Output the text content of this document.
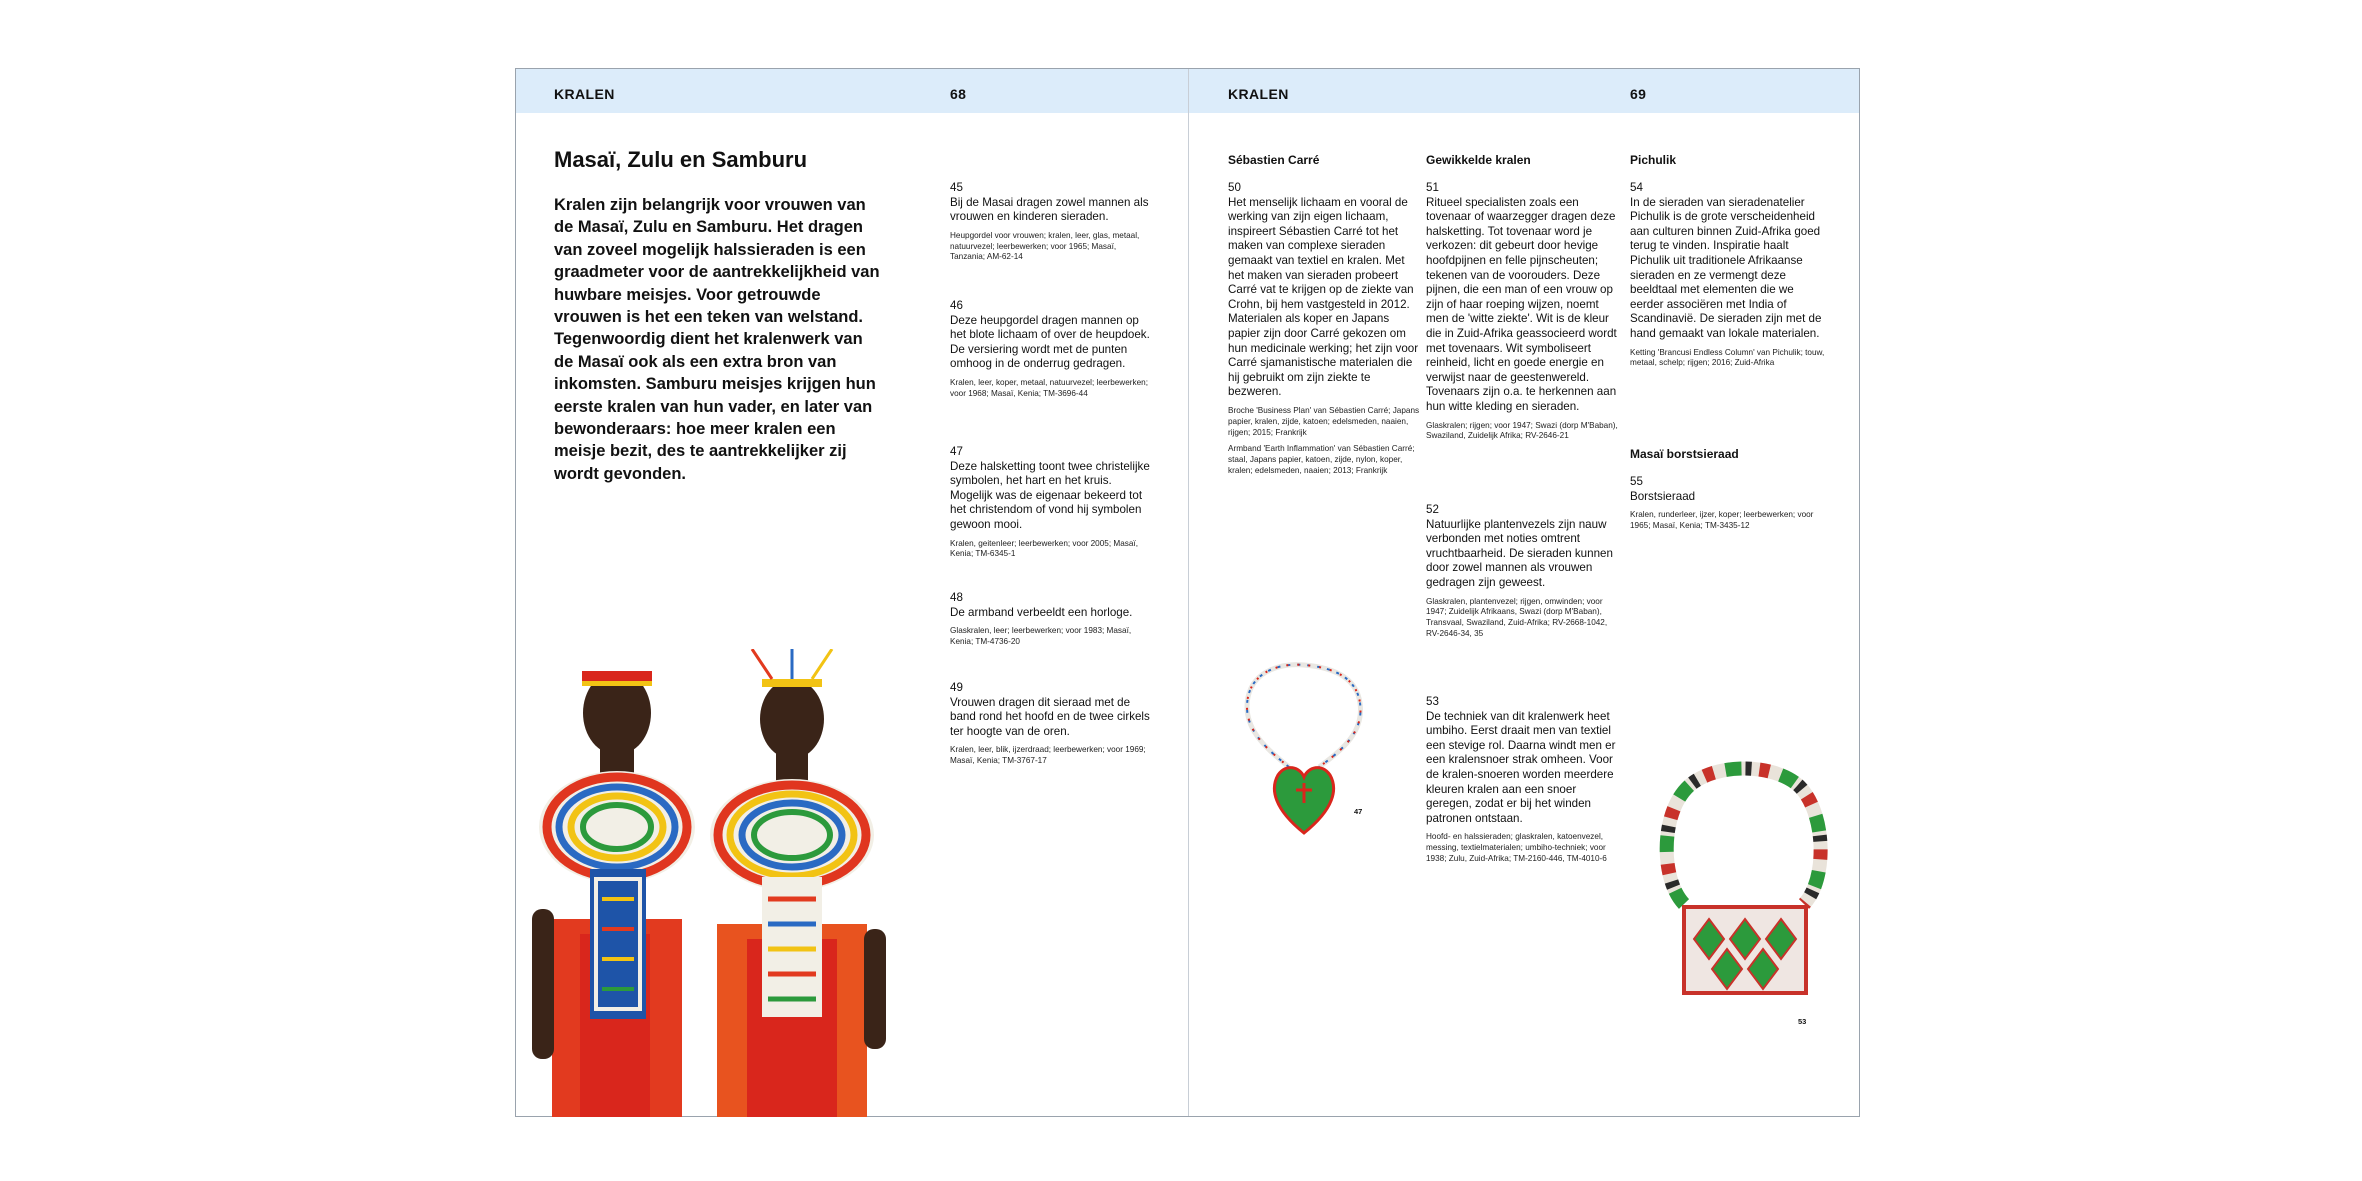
KRALEN	68
Masaï, Zulu en Samburu
Kralen zijn belangrijk voor vrouwen van de Masaï, Zulu en Samburu. Het dragen van zoveel mogelijk halssieraden is een graadmeter voor de aantrekkelijkheid van huwbare meisjes. Voor getrouwde vrouwen is het een teken van welstand. Tegenwoordig dient het kralenwerk van de Masaï ook als een extra bron van inkomsten. Samburu meisjes krijgen hun eerste kralen van hun vader, en later van bewonderaars: hoe meer kralen een meisje bezit, des te aantrekkelijker zij wordt gevonden.
45
Bij de Masai dragen zowel mannen als vrouwen en kinderen sieraden.
Heupgordel voor vrouwen; kralen, leer, glas, metaal, natuurvezel; leerbewerken; voor 1965; Masaï, Tanzania; AM-62-14
46
Deze heupgordel dragen mannen op het blote lichaam of over de heupdoek. De versiering wordt met de punten omhoog in de onderrug gedragen.
Kralen, leer, koper, metaal, natuurvezel; leerbewerken; voor 1968; Masaï, Kenia; TM-3696-44
47
Deze halsketting toont twee christelijke symbolen, het hart en het kruis. Mogelijk was de eigenaar bekeerd tot het christendom of vond hij symbolen gewoon mooi.
Kralen, geitenleer; leerbewerken; voor 2005; Masaï, Kenia; TM-6345-1
48
De armband verbeeldt een horloge.
Glaskralen, leer; leerbewerken; voor 1983; Masaï, Kenia; TM-4736-20
49
Vrouwen dragen dit sieraad met de band rond het hoofd en de twee cirkels ter hoogte van de oren.
Kralen, leer, blik, ijzerdraad; leerbewerken; voor 1969; Masaï, Kenia; TM-3767-17
KRALEN	69
Sébastien Carré
50
Het menselijk lichaam en vooral de werking van zijn eigen lichaam, inspireert Sébastien Carré tot het maken van complexe sieraden gemaakt van textiel en kralen. Met het maken van sieraden probeert Carré vat te krijgen op de ziekte van Crohn, bij hem vastgesteld in 2012. Materialen als koper en Japans papier zijn door Carré gekozen om hun medicinale werking; het zijn voor Carré sjamanistische materialen die hij gebruikt om zijn ziekte te bezweren.
Broche 'Business Plan' van Sébastien Carré; Japans papier, kralen, zijde, katoen; edelsmeden, naaien, rijgen; 2015; Frankrijk
Armband 'Earth Inflammation' van Sébastien Carré; staal, Japans papier, katoen, zijde, nylon, koper, kralen; edelsmeden, naaien; 2013; Frankrijk
47
Gewikkelde kralen
51
Ritueel specialisten zoals een tovenaar of waarzegger dragen deze halsketting. Tot tovenaar word je verkozen: dit gebeurt door hevige hoofdpijnen en felle pijnscheuten; tekenen van de voorouders. Deze pijnen, die een man of een vrouw op zijn of haar roeping wijzen, noemt men de 'witte ziekte'. Wit is de kleur die in Zuid-Afrika geassocieerd wordt met tovenaars. Wit symboliseert reinheid, licht en goede energie en verwijst naar de geestenwereld. Tovenaars zijn o.a. te herkennen aan hun witte kleding en sieraden.
Glaskralen; rijgen; voor 1947; Swazi (dorp M'Baban), Swaziland, Zuidelijk Afrika; RV-2646-21
52
Natuurlijke plantenvezels zijn nauw verbonden met noties omtrent vruchtbaarheid. De sieraden kunnen door zowel mannen als vrouwen gedragen zijn geweest.
Glaskralen, plantenvezel; rijgen, omwinden; voor 1947; Zuidelijk Afrikaans, Swazi (dorp M'Baban), Transvaal, Swaziland, Zuid-Afrika; RV-2668-1042, RV-2646-34, 35
53
De techniek van dit kralenwerk heet umbiho. Eerst draait men van textiel een stevige rol. Daarna windt men er een kralensnoer strak omheen. Voor de kralen-snoeren worden meerdere kleuren kralen aan een snoer geregen, zodat er bij het winden patronen ontstaan.
Hoofd- en halssieraden; glaskralen, katoenvezel, messing, textielmaterialen; umbiho-techniek; voor 1938; Zulu, Zuid-Afrika; TM-2160-446, TM-4010-6
Pichulik
54
In de sieraden van sieradenatelier Pichulik is de grote verscheidenheid aan culturen binnen Zuid-Afrika goed terug te vinden. Inspiratie haalt Pichulik uit traditionele Afrikaanse sieraden en ze vermengt deze beeldtaal met elementen die we eerder associëren met India of Scandinavië. De sieraden zijn met de hand gemaakt van lokale materialen.
Ketting 'Brancusi Endless Column' van Pichulik; touw, metaal, schelp; rijgen; 2016; Zuid-Afrika
Masaï borstsieraad
55
Borstsieraad
Kralen, runderleer, ijzer, koper; leerbewerken; voor 1965; Masaï, Kenia; TM-3435-12
53
